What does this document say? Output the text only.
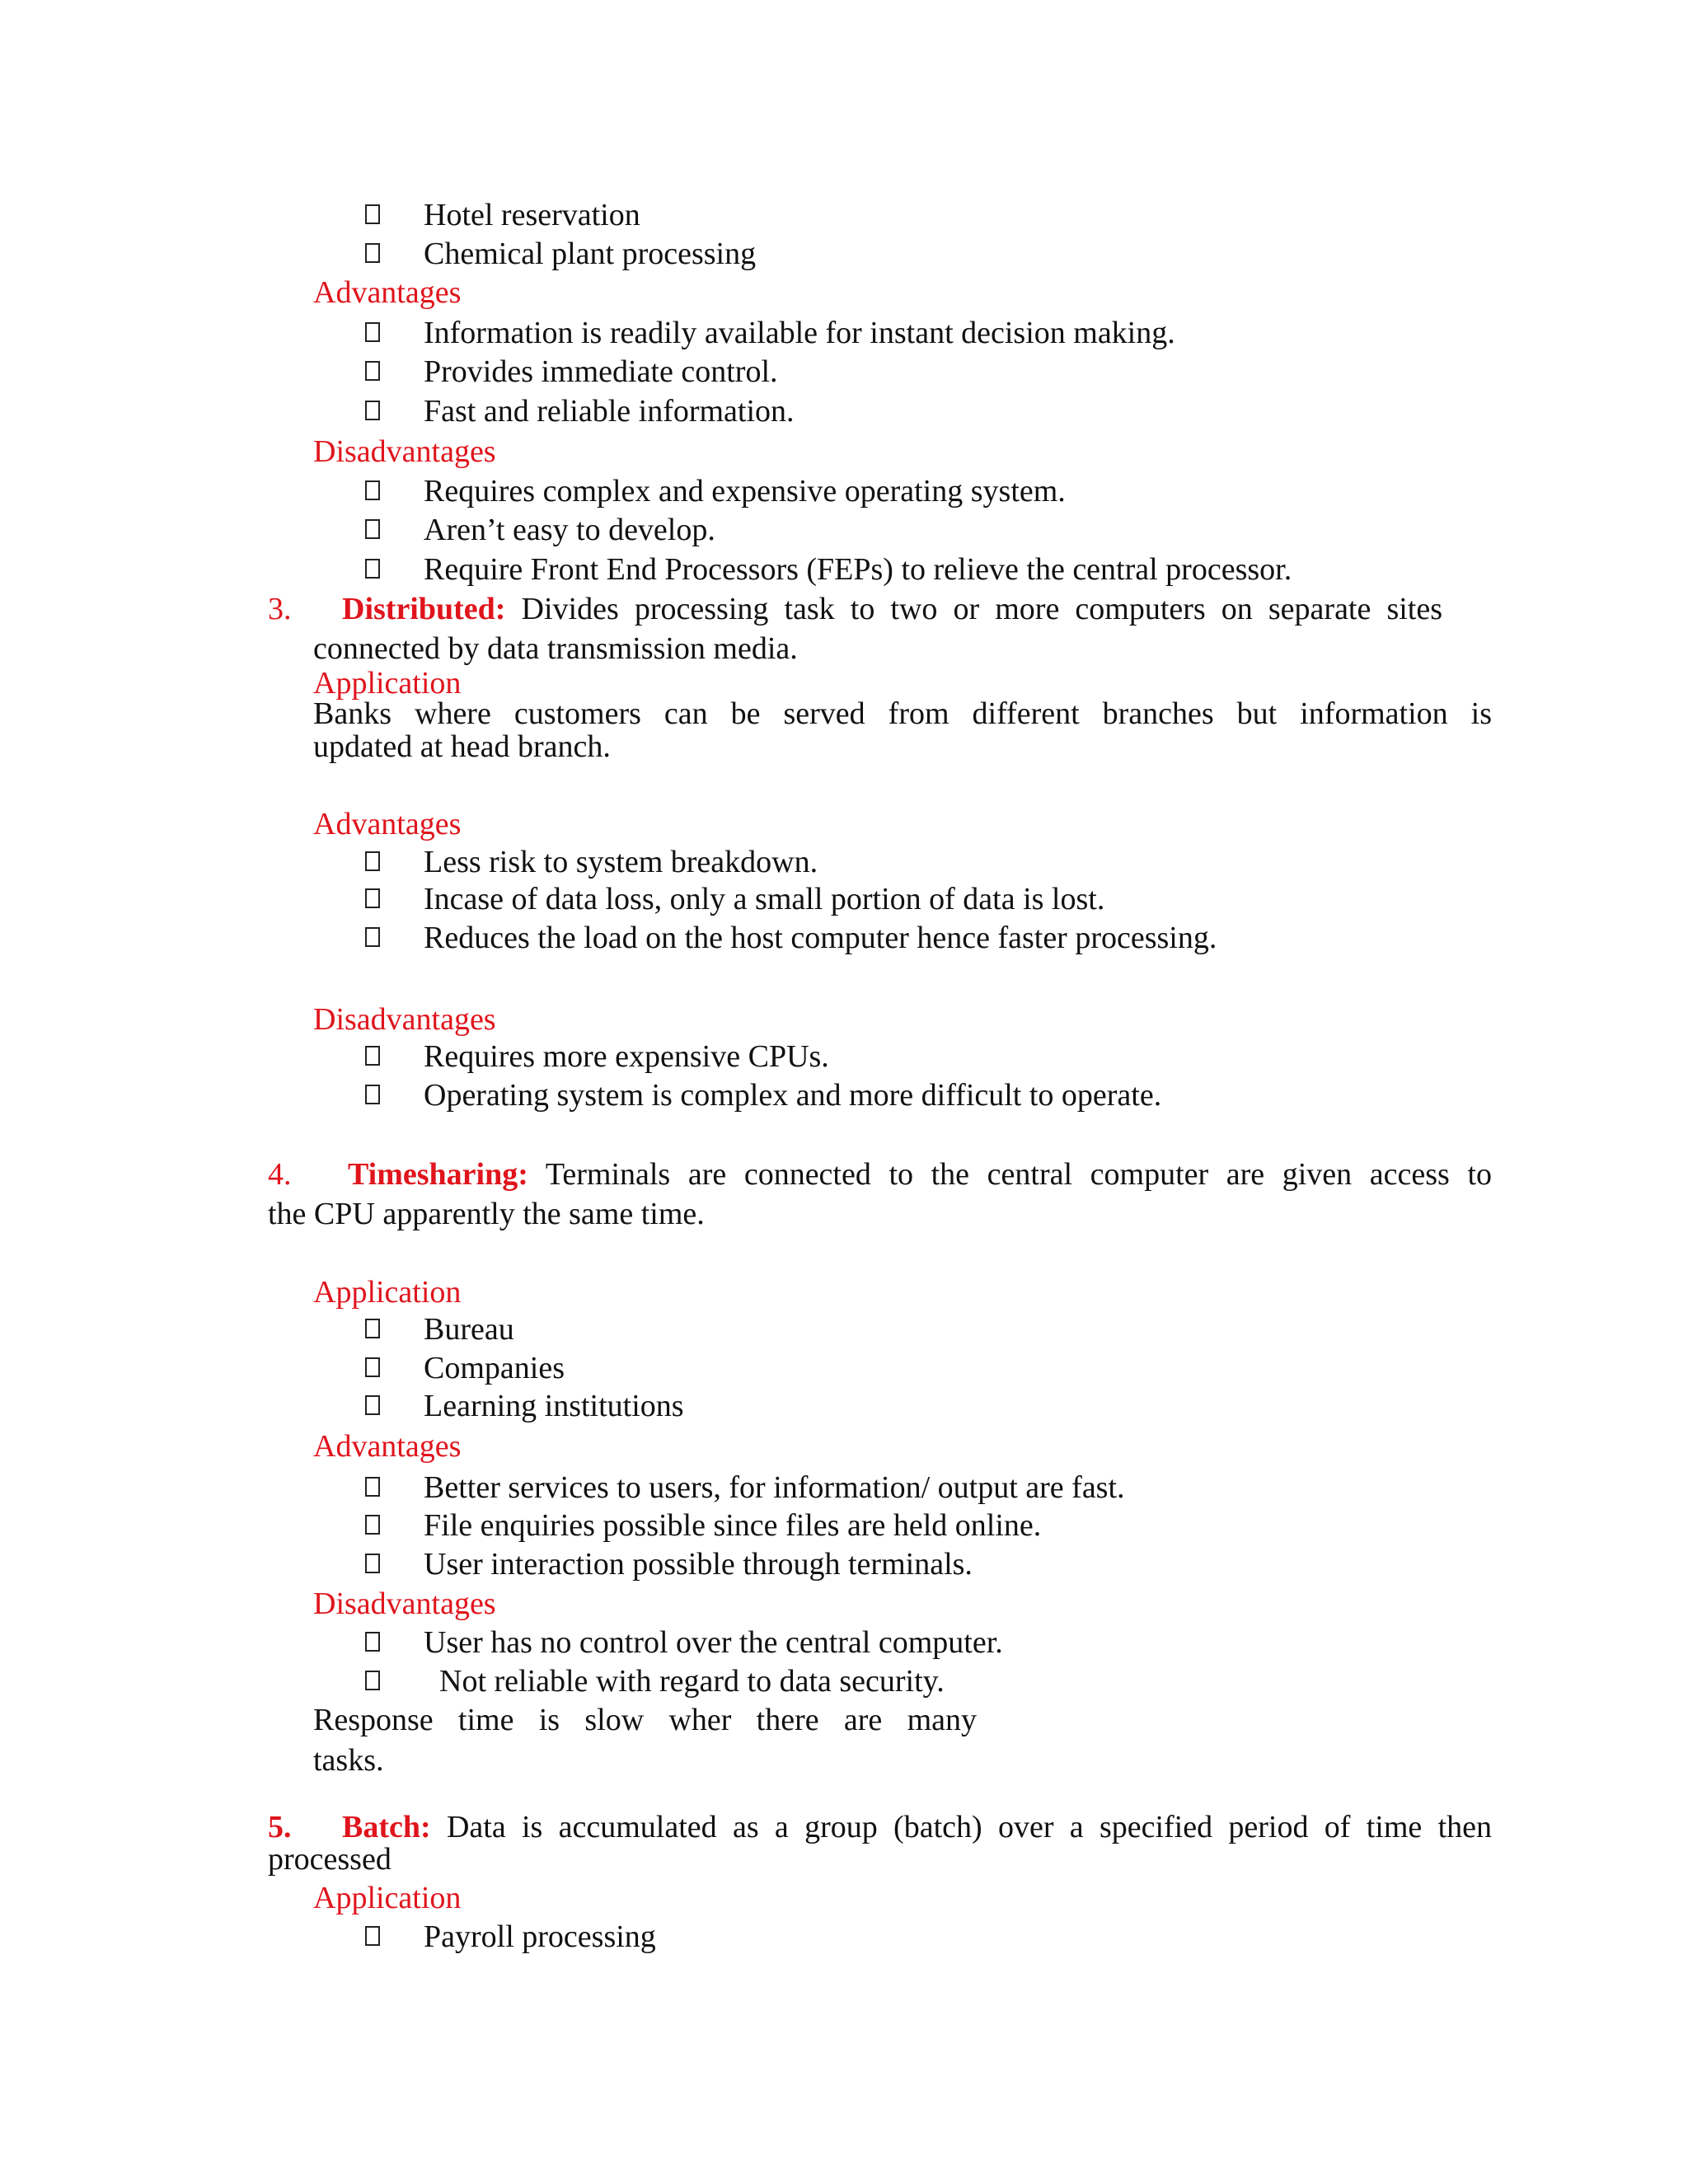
Hotel reservation
Chemical plant processing
Advantages
Information is readily available for instant decision making.
Provides immediate control.
Fast and reliable information.
Disadvantages
Requires complex and expensive operating system.
Aren’t easy to develop.
Require Front End Processors (FEPs) to relieve the central processor.
3. Distributed: Divides processing task to two or more computers on separate sites
connected by data transmission media.
Application
Banks where customers can be served from different branches but information is
updated at head branch.
Advantages
Less risk to system breakdown.
Incase of data loss, only a small portion of data is lost.
Reduces the load on the host computer hence faster processing.
Disadvantages
Requires more expensive CPUs.
Operating system is complex and more difficult to operate.
4. Timesharing: Terminals are connected to the central computer are given access to
the CPU apparently the same time.
Application
Bureau
Companies
Learning institutions
Advantages
Better services to users, for information/ output are fast.
File enquiries possible since files are held online.
User interaction possible through terminals.
Disadvantages
User has no control over the central computer.
Not reliable with regard to data security.
Response time is slow wher there are many
tasks.
5. Batch: Data is accumulated as a group (batch) over a specified period of time then
processed
Application
Payroll processing
